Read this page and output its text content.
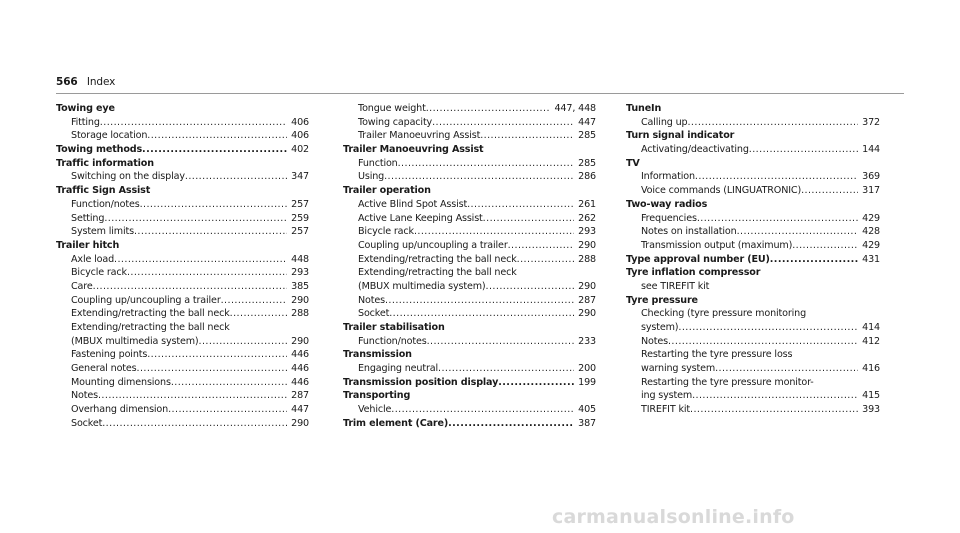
566 Index
Towing eye
Fitting .....	406
Storage location .....	406
Towing methods .....	402
Traffic information
Switching on the display .....	347
Traffic Sign Assist
Function/notes .....	257
Setting .....	259
System limits .....	257
Trailer hitch
Axle load .....	448
Bicycle rack .....	293
Care .....	385
Coupling up/uncoupling a trailer .....	290
Extending/retracting the ball neck .....	288
Extending/retracting the ball neck
(MBUX multimedia system) .....	290
Fastening points .....	446
General notes .....	446
Mounting dimensions .....	446
Notes .....	287
Overhang dimension .....	447
Socket .....	290
Tongue weight .....	447, 448
Towing capacity .....	447
Trailer Manoeuvring Assist .....	285
Trailer Manoeuvring Assist
Function .....	285
Using .....	286
Trailer operation
Active Blind Spot Assist .....	261
Active Lane Keeping Assist .....	262
Bicycle rack .....	293
Coupling up/uncoupling a trailer .....	290
Extending/retracting the ball neck .....	288
Extending/retracting the ball neck
(MBUX multimedia system) .....	290
Notes .....	287
Socket .....	290
Trailer stabilisation
Function/notes .....	233
Transmission
Engaging neutral .....	200
Transmission position display .....	199
Transporting
Vehicle .....	405
Trim element (Care) .....	387
TuneIn
Calling up .....	372
Turn signal indicator
Activating/deactivating .....	144
TV
Information .....	369
Voice commands (LINGUATRONIC) .....	317
Two-way radios
Frequencies .....	429
Notes on installation .....	428
Transmission output (maximum) .....	429
Type approval number (EU) .....	431
Tyre inflation compressor
see TIREFIT kit
Tyre pressure
Checking (tyre pressure monitoring
system) .....	414
Notes .....	412
Restarting the tyre pressure loss
warning system .....	416
Restarting the tyre pressure monitor-
ing system .....	415
TIREFIT kit .....	393
carmanualsonline.info
